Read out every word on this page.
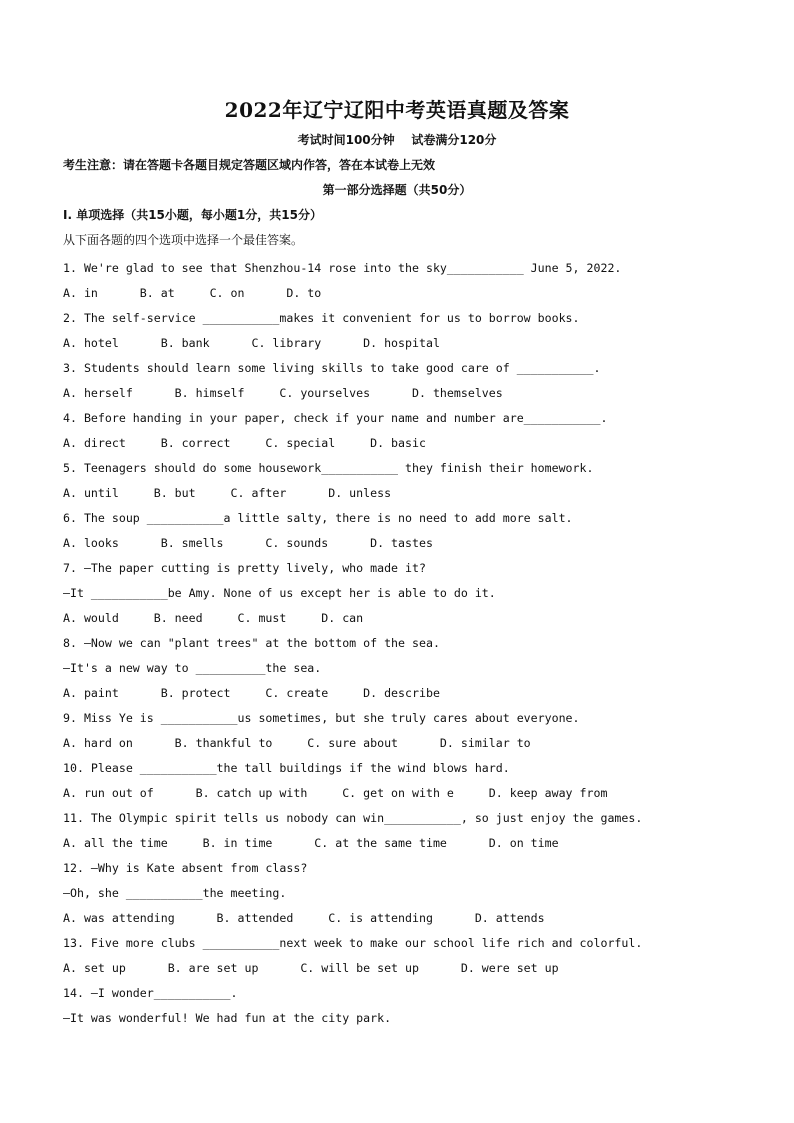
2022年辽宁辽阳中考英语真题及答案
考试时间100分钟    试卷满分120分
考生注意：请在答题卡各题目规定答题区域内作答，答在本试卷上无效
第一部分选择题（共50分）
I. 单项选择（共15小题，每小题1分，共15分）
从下面各题的四个选项中选择一个最佳答案。
1. We're glad to see that Shenzhou-14 rose into the sky___________ June 5, 2022.
A. in      B. at     C. on      D. to
2. The self-service ___________makes it convenient for us to borrow books.
A. hotel      B. bank      C. library      D. hospital
3. Students should learn some living skills to take good care of ___________.
A. herself      B. himself     C. yourselves      D. themselves
4. Before handing in your paper, check if your name and number are___________.
A. direct     B. correct     C. special     D. basic
5. Teenagers should do some housework___________ they finish their homework.
A. until     B. but     C. after      D. unless
6. The soup ___________a little salty, there is no need to add more salt.
A. looks      B. smells      C. sounds      D. tastes
7. —The paper cutting is pretty lively, who made it?
—It ___________be Amy. None of us except her is able to do it.
A. would     B. need     C. must     D. can
8. —Now we can "plant trees" at the bottom of the sea.
—It's a new way to __________the sea.
A. paint      B. protect     C. create     D. describe
9. Miss Ye is ___________us sometimes, but she truly cares about everyone.
A. hard on      B. thankful to     C. sure about      D. similar to
10. Please ___________the tall buildings if the wind blows hard.
A. run out of      B. catch up with     C. get on with e     D. keep away from
11. The Olympic spirit tells us nobody can win___________, so just enjoy the games.
A. all the time     B. in time      C. at the same time      D. on time
12. —Why is Kate absent from class?
—Oh, she ___________the meeting.
A. was attending      B. attended     C. is attending      D. attends
13. Five more clubs ___________next week to make our school life rich and colorful.
A. set up      B. are set up      C. will be set up      D. were set up
14. —I wonder___________.
—It was wonderful! We had fun at the city park.
